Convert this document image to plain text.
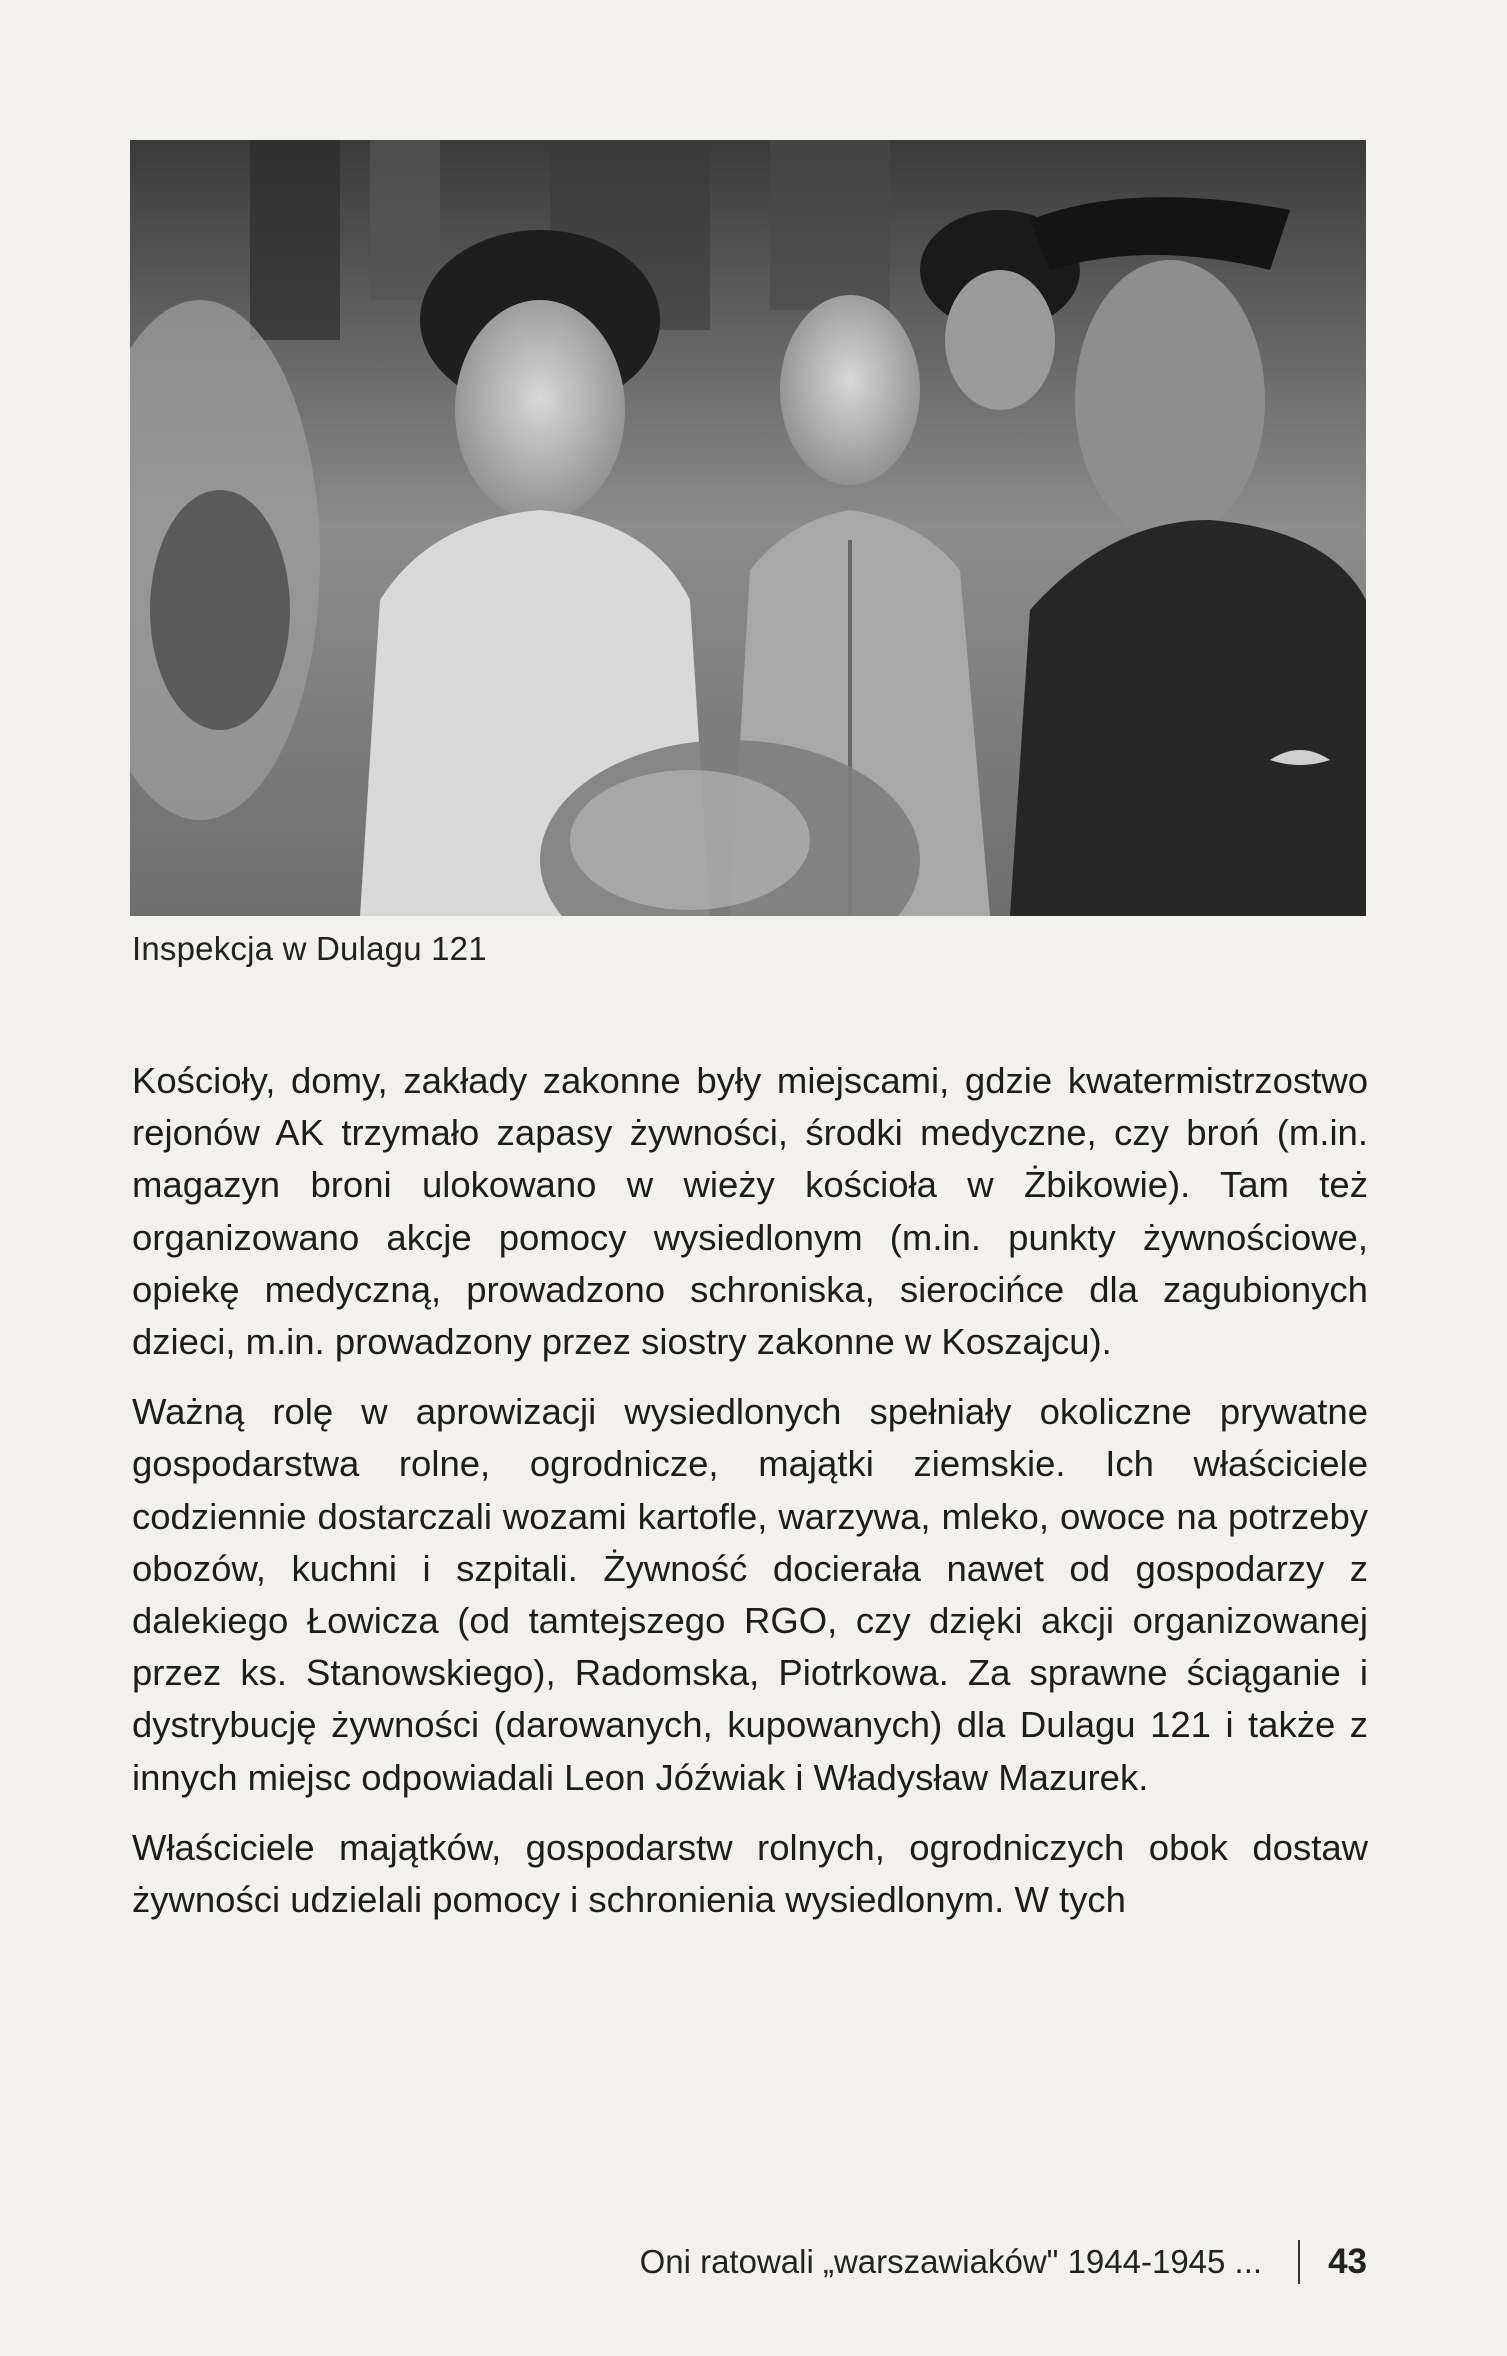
Inspekcja w Dulagu 121

Kościoły, domy, zakłady zakonne były miejscami, gdzie kwatermistrzostwo rejonów AK trzymało zapasy żywności, środki medyczne, czy broń (m.in. magazyn broni ulokowano w wieży kościoła w Żbikowie). Tam też organizowano akcje pomocy wysiedlonym (m.in. punkty żywnościowe, opiekę medyczną, prowadzono schroniska, sierocińce dla zagubionych dzieci, m.in. prowadzony przez siostry zakonne w Koszajcu).

Ważną rolę w aprowizacji wysiedlonych spełniały okoliczne prywatne gospodarstwa rolne, ogrodnicze, majątki ziemskie. Ich właściciele codziennie dostarczali wozami kartofle, warzywa, mleko, owoce na potrzeby obozów, kuchni i szpitali. Żywność docierała nawet od gospodarzy z dalekiego Łowicza (od tamtejszego RGO, czy dzięki akcji organizowanej przez ks. Stanowskiego), Radomska, Piotrkowa. Za sprawne ściąganie i dystrybucję żywności (darowanych, kupowanych) dla Dulagu 121 i także z innych miejsc odpowiadali Leon Jóźwiak i Władysław Mazurek.

Właściciele majątków, gospodarstw rolnych, ogrodniczych obok dostaw żywności udzielali pomocy i schronienia wysiedlonym. W tych

Oni ratowali „warszawiaków" 1944-1945 ... 43
